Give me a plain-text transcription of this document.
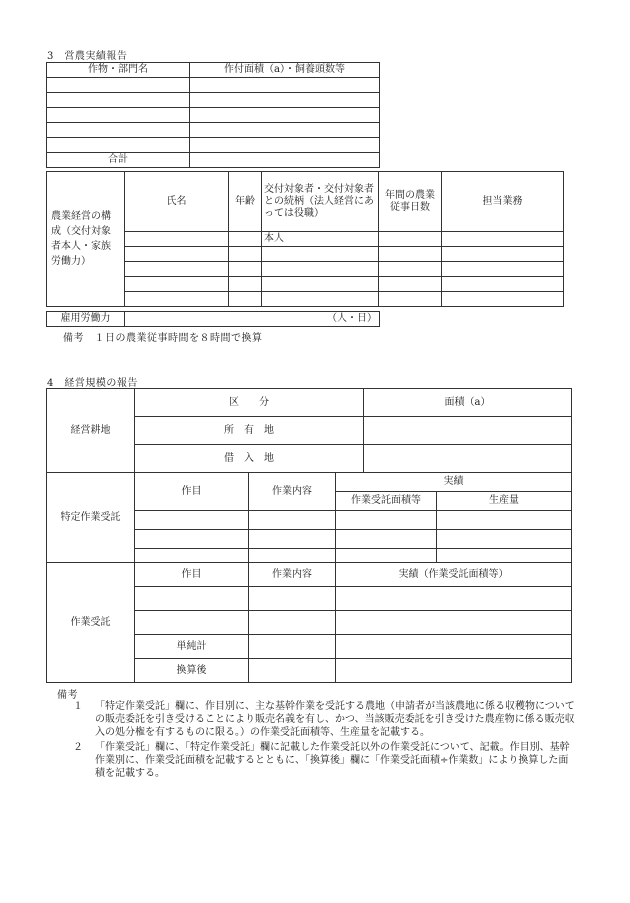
3　営農実績報告
作物・部門名	作付面積（a）・飼養頭数等

合計	
農業経営の構成（交付対象者本人・家族労働力）	氏名	年齢	交付対象者・交付対象者との続柄（法人経営にあっては役職）	年間の農業従事日数	担当業務
			本人		

雇用労働力	（人・日）
備考　１日の農業従事時間を８時間で換算
4　経営規模の報告
経営耕地	区　　分	面積（a）
	所　有　地	
	借　入　地	
特定作業受託	作目	作業内容	実績	
			作業受託面積等	生産量

作業受託	作目	作業内容	実績（作業受託面積等）

	単純計		
	換算後		
備考
１	「特定作業受託」欄に、作目別に、主な基幹作業を受託する農地（申請者が当該農地に係る収穫物についての販売委託を引き受けることにより販売名義を有し、かつ、当該販売委託を引き受けた農産物に係る販売収入の処分権を有するものに限る。）の作業受託面積等、生産量を記載する。
２	「作業受託」欄に、「特定作業受託」欄に記載した作業受託以外の作業受託について、記載。作目別、基幹作業別に、作業受託面積を記載するとともに、「換算後」欄に「作業受託面積÷作業数」により換算した面積を記載する。
